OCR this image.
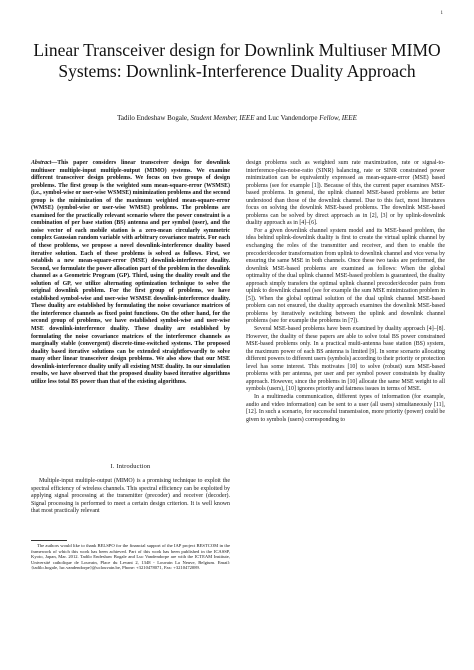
1
Linear Transceiver design for Downlink Multiuser MIMO Systems: Downlink-Interference Duality Approach
Tadilo Endeshaw Bogale, Student Member, IEEE and Luc Vandendorpe Fellow, IEEE
Abstract—This paper considers linear transceiver design for downlink multiuser multiple-input multiple-output (MIMO) systems. We examine different transceiver design problems. We focus on two groups of design problems. The first group is the weighted sum mean-square-error (WSMSE) (i.e., symbol-wise or user-wise WSMSE) minimization problems and the second group is the minimization of the maximum weighted mean-square-error (WMSE) (symbol-wise or user-wise WMSE) problems. The problems are examined for the practically relevant scenario where the power constraint is a combination of per base station (BS) antenna and per symbol (user), and the noise vector of each mobile station is a zero-mean circularly symmetric complex Gaussian random variable with arbitrary covariance matrix. For each of these problems, we propose a novel downlink-interference duality based iterative solution. Each of these problems is solved as follows. First, we establish a new mean-square-error (MSE) downlink-interference duality. Second, we formulate the power allocation part of the problem in the downlink channel as a Geometric Program (GP). Third, using the duality result and the solution of GP, we utilize alternating optimization technique to solve the original downlink problem. For the first group of problems, we have established symbol-wise and user-wise WSMSE downlink-interference duality. These duality are established by formulating the noise covariance matrices of the interference channels as fixed point functions. On the other hand, for the second group of problems, we have established symbol-wise and user-wise MSE downlink-interference duality. These duality are established by formulating the noise covariance matrices of the interference channels as marginally stable (convergent) discrete-time-switched systems. The proposed duality based iterative solutions can be extended straightforwardly to solve many other linear transceiver design problems. We also show that our MSE downlink-interference duality unify all existing MSE duality. In our simulation results, we have observed that the proposed duality based iterative algorithms utilize less total BS power than that of the existing algorithms.
I. Introduction

Multiple-input multiple-output (MIMO) is a promising technique to exploit the spectral efficiency of wireless channels. This spectral efficiency can be exploited by applying signal processing at the transmitter (precoder) and receiver (decoder). Signal processing is performed to meet a certain design criterion. It is well known that most practically relevant

The authors would like to thank BELSPO for the financial support of the IAP project BESTCOM in the framework of which this work has been achieved. Part of this work has been published in the ICASSP, Kyoto, Japan, Mar. 2012. Tadilo Endeshaw Bogale and Luc Vandendorpe are with the ICTEAM Institute, Université catholique de Louvain, Place du Levant 2, 1348 - Louvain La Neuve, Belgium. Email: {tadilo.bogale, luc.vandendorpe}@uclouvain.be, Phone: +3210478071, Fax: +3210472089.

design problems such as weighted sum rate maximization, rate or signal-to-interference-plus-noise-ratio (SINR) balancing, rate or SINR constrained power minimization can be equivalently expressed as mean-square-error (MSE) based problems (see for example [1]). Because of this, the current paper examines MSE-based problems. In general, the uplink channel MSE-based problems are better understood than those of the downlink channel. Due to this fact, most literatures focus on solving the downlink MSE-based problems. The downlink MSE-based problems can be solved by direct approach as in [2], [3] or by uplink-downlink duality approach as in [4]–[6].

For a given downlink channel system model and its MSE-based problem, the idea behind uplink-downlink duality is first to create the virtual uplink channel by exchanging the roles of the transmitter and receiver, and then to enable the precoder/decoder transformation from uplink to downlink channel and vice versa by ensuring the same MSE in both channels. Once these two tasks are performed, the downlink MSE-based problems are examined as follows: When the global optimality of the dual uplink channel MSE-based problem is guaranteed, the duality approach simply transfers the optimal uplink channel precoder/decoder pairs from uplink to downlink channel (see for example the sum MSE minimization problem in [5]). When the global optimal solution of the dual uplink channel MSE-based problem can not ensured, the duality approach examines the downlink MSE-based problems by iteratively switching between the uplink and downlink channel problems (see for example the problems in [7]).

Several MSE-based problems have been examined by duality approach [4]–[8]. However, the duality of these papers are able to solve total BS power constrained MSE-based problems only. In a practical multi-antenna base station (BS) system, the maximum power of each BS antenna is limited [9]. In some scenario allocating different powers to different users (symbols) according to their priority or protection level has some interest. This motivates [10] to solve (robust) sum MSE-based problems with per antenna, per user and per symbol power constraints by duality approach. However, since the problems in [10] allocate the same MSE weight to all symbols (users), [10] ignores priority and fairness issues in terms of MSE.

In a multimedia communication, different types of information (for example, audio and video information) can be sent to a user (all users) simultaneously [11], [12]. In such a scenario, for successful transmission, more priority (power) could be given to symbols (users) corresponding to
